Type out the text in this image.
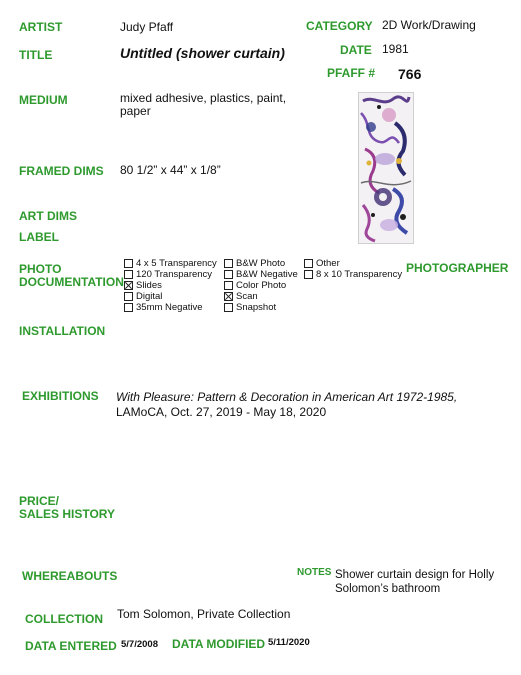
ARTIST
TITLE
MEDIUM
FRAMED DIMS
ART DIMS
LABEL
PHOTO
DOCUMENTATION
INSTALLATION
EXHIBITIONS
PRICE/
SALES HISTORY
WHEREABOUTS
COLLECTION
DATA ENTERED
CATEGORY
DATE
PFAFF #
PHOTOGRAPHER
NOTES
DATA MODIFIED
Judy Pfaff
Untitled (shower curtain)
mixed adhesive, plastics, paint,
paper
80 1/2” x 44” x 1/8”
2D Work/Drawing
1981
766
4 x 5 Transparency
120 Transparency
Slides
Digital
35mm Negative
B&W Photo
B&W Negative
Color Photo
Scan
Snapshot
Other
8 x 10 Transparency
With Pleasure: Pattern & Decoration in American Art 1972-1985, LAMoCA, Oct. 27, 2019 - May 18, 2020
Shower curtain design for Holly Solomon’s bathroom
Tom Solomon, Private Collection
5/7/2008	5/11/2020
